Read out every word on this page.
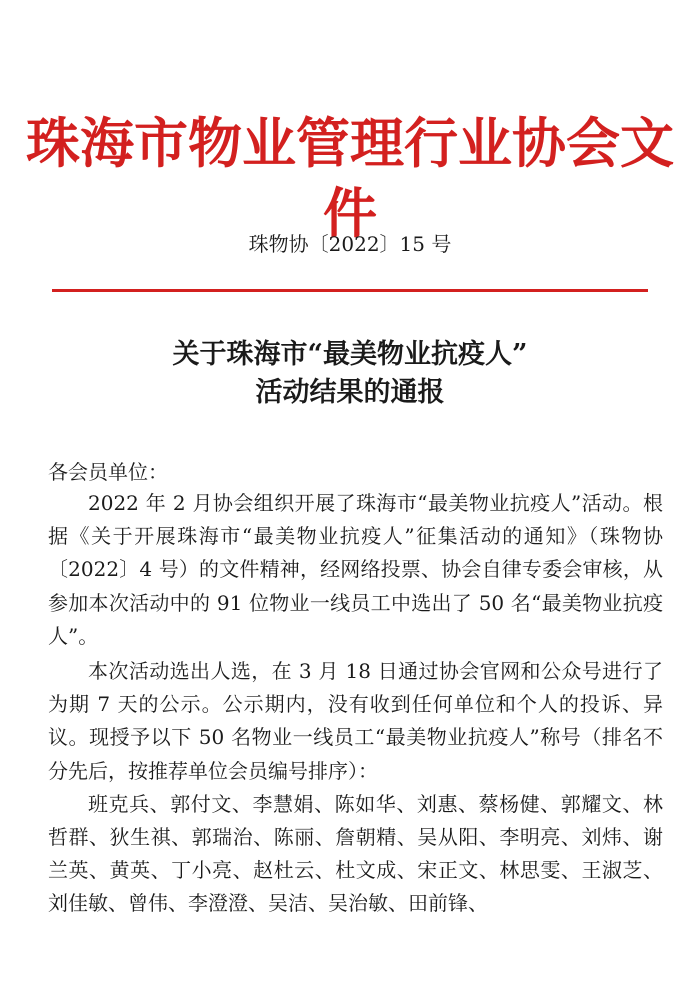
珠海市物业管理行业协会文件
珠物协〔2022〕15 号
关于珠海市“最美物业抗疫人”
活动结果的通报
各会员单位：

2022 年 2 月协会组织开展了珠海市“最美物业抗疫人”活动。根据《关于开展珠海市“最美物业抗疫人”征集活动的通知》（珠物协〔2022〕4 号）的文件精神，经网络投票、协会自律专委会审核，从参加本次活动中的 91 位物业一线员工中选出了 50 名“最美物业抗疫人”。

本次活动选出人选，在 3 月 18 日通过协会官网和公众号进行了为期 7 天的公示。公示期内，没有收到任何单位和个人的投诉、异议。现授予以下 50 名物业一线员工“最美物业抗疫人”称号（排名不分先后，按推荐单位会员编号排序）：

班克兵、郭付文、李慧娟、陈如华、刘惠、蔡杨健、郭耀文、林哲群、狄生祺、郭瑞治、陈丽、詹朝精、吴从阳、李明亮、刘炜、谢兰英、黄英、丁小亮、赵杜云、杜文成、宋正文、林思雯、王淑芝、刘佳敏、曾伟、李澄澄、吴洁、吴治敏、田前锋、
